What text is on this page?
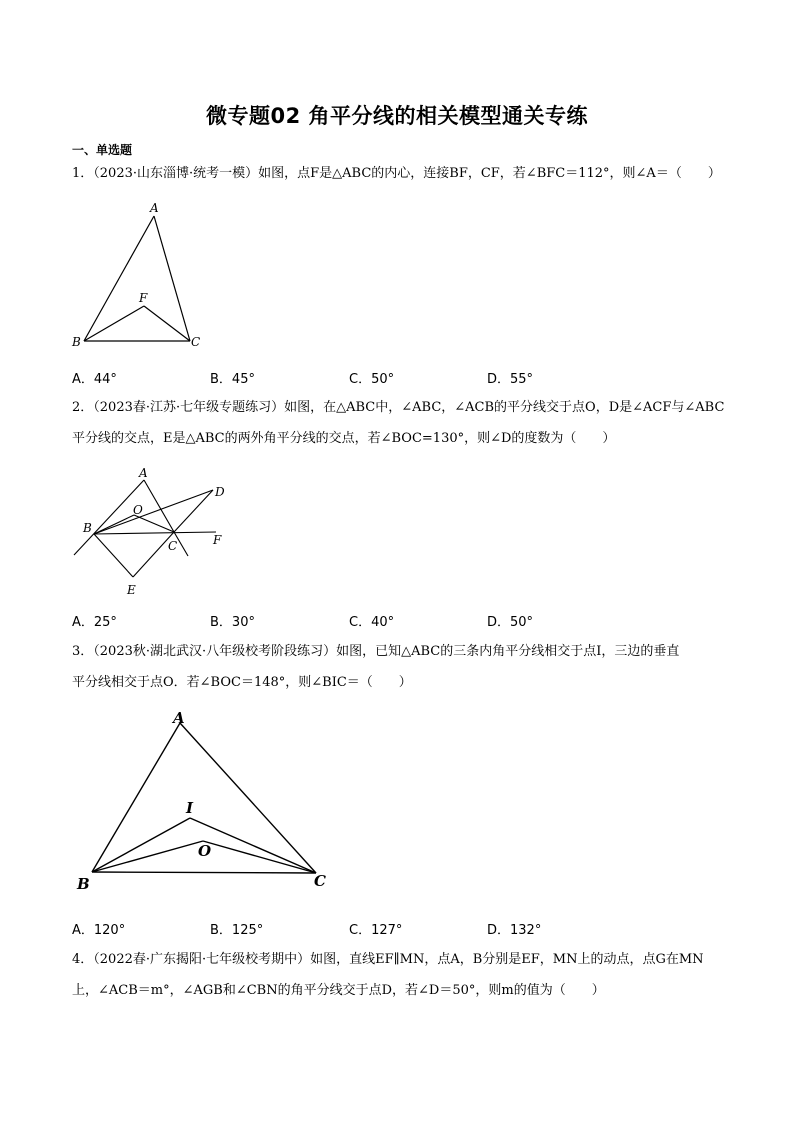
微专题02 角平分线的相关模型通关专练
一、单选题
1．（2023·山东淄博·统考一模）如图，点F是△ABC的内心，连接BF，CF，若∠BFC＝112°，则∠A＝（　　）
A
B	C
F
A．44°	B．45°	C．50°	D．55°
2．（2023春·江苏·七年级专题练习）如图，在△ABC中，∠ABC，∠ACB的平分线交于点O，D是∠ACF与∠ABC
平分线的交点，E是△ABC的两外角平分线的交点，若∠BOC=130°，则∠D的度数为（　　）
A
B
C
D
E
F
O
A．25°	B．30°	C．40°	D．50°
3．（2023秋·湖北武汉·八年级校考阶段练习）如图，已知△ABC的三条内角平分线相交于点I，三边的垂直
平分线相交于点O．若∠BOC＝148°，则∠BIC＝（　　）
A
B	C
I
O
A．120°	B．125°	C．127°	D．132°
4．（2022春·广东揭阳·七年级校考期中）如图，直线EF∥MN，点A，B分别是EF，MN上的动点，点G在MN
上，∠ACB＝m°，∠AGB和∠CBN的角平分线交于点D，若∠D＝50°，则m的值为（　　）
